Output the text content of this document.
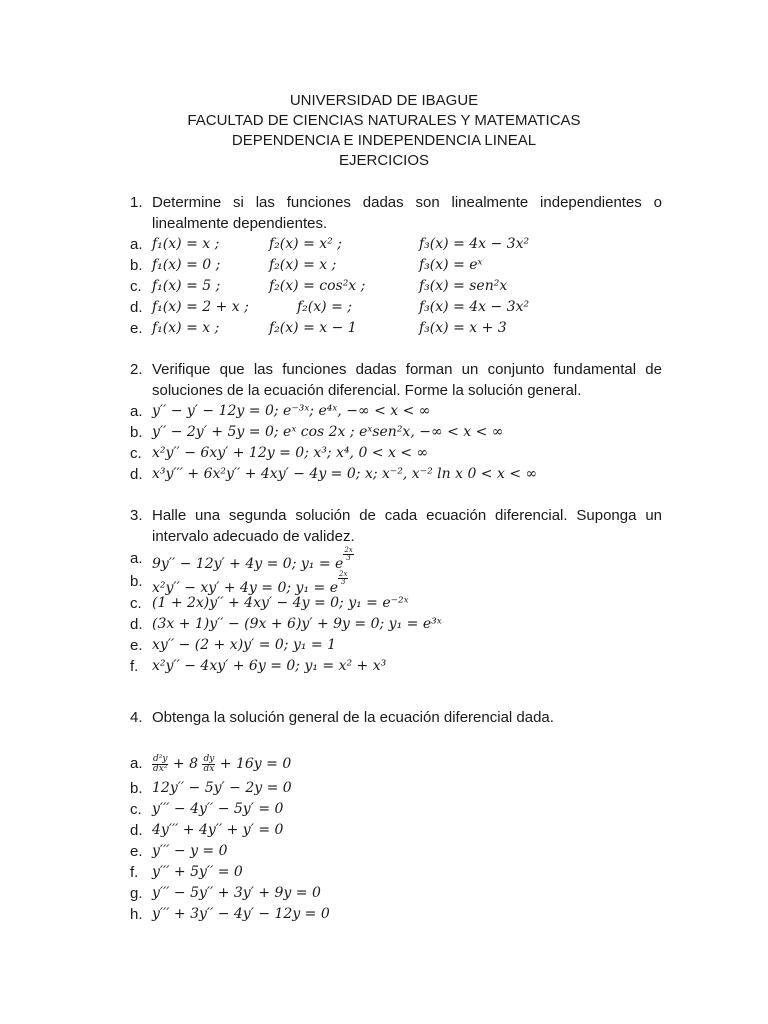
UNIVERSIDAD DE IBAGUE
FACULTAD DE CIENCIAS NATURALES Y MATEMATICAS
DEPENDENCIA E INDEPENDENCIA LINEAL
EJERCICIOS
1. Determine si las funciones dadas son linealmente independientes o linealmente dependientes.
a. f₁(x) = x ;	f₂(x) = x² ;	f₃(x) = 4x − 3x²
b. f₁(x) = 0 ;	f₂(x) = x ;	f₃(x) = eˣ
c. f₁(x) = 5 ;	f₂(x) = cos²x ;	f₃(x) = sen²x
d. f₁(x) = 2 + x ;	f₂(x) = ;	f₃(x) = 4x − 3x²
e. f₁(x) = x ;	f₂(x) = x − 1	f₃(x) = x + 3
2. Verifique que las funciones dadas forman un conjunto fundamental de soluciones de la ecuación diferencial. Forme la solución general.
a. y′′ − y′ − 12y = 0; e⁻³ˣ; e⁴ˣ, −∞ < x < ∞
b. y′′ − 2y′ + 5y = 0; eˣ cos 2x ; eˣsen²x, −∞ < x < ∞
c. x²y′′ − 6xy′ + 12y = 0; x³; x⁴, 0 < x < ∞
d. x³y′′′ + 6x²y′′ + 4xy′ − 4y = 0; x; x⁻², x⁻² ln x 0 < x < ∞
3. Halle una segunda solución de cada ecuación diferencial. Suponga un intervalo adecuado de validez.
a. 9y′′ − 12y′ + 4y = 0; y₁ = e
$\frac{2x}{3}$
b. x²y′′ − xy′ + 4y = 0; y₁ = e
$\frac{2x}{3}$
c. (1 + 2x)y′′ + 4xy′ − 4y = 0; y₁ = e⁻²ˣ
d. (3x + 1)y′′ − (9x + 6)y′ + 9y = 0; y₁ = e³ˣ
e. xy′′ − (2 + x)y′ = 0; y₁ = 1
f. x²y′′ − 4xy′ + 6y = 0; y₁ = x² + x³
4. Obtenga la solución general de la ecuación diferencial dada.
a.	$\frac{\text{d²y}}{\text{dx²}} + 8 \frac{dy}{dx} + 16y = 0$
b. 12y′′ − 5y′ − 2y = 0
c. y′′′ − 4y′′ − 5y′ = 0
d. 4y′′′ + 4y′′ + y′ = 0
e. y′′′ − y = 0
f. y′′′ + 5y′′ = 0
g. y′′′ − 5y′′ + 3y′ + 9y = 0
h. y′′′ + 3y′′ − 4y′ − 12y = 0
